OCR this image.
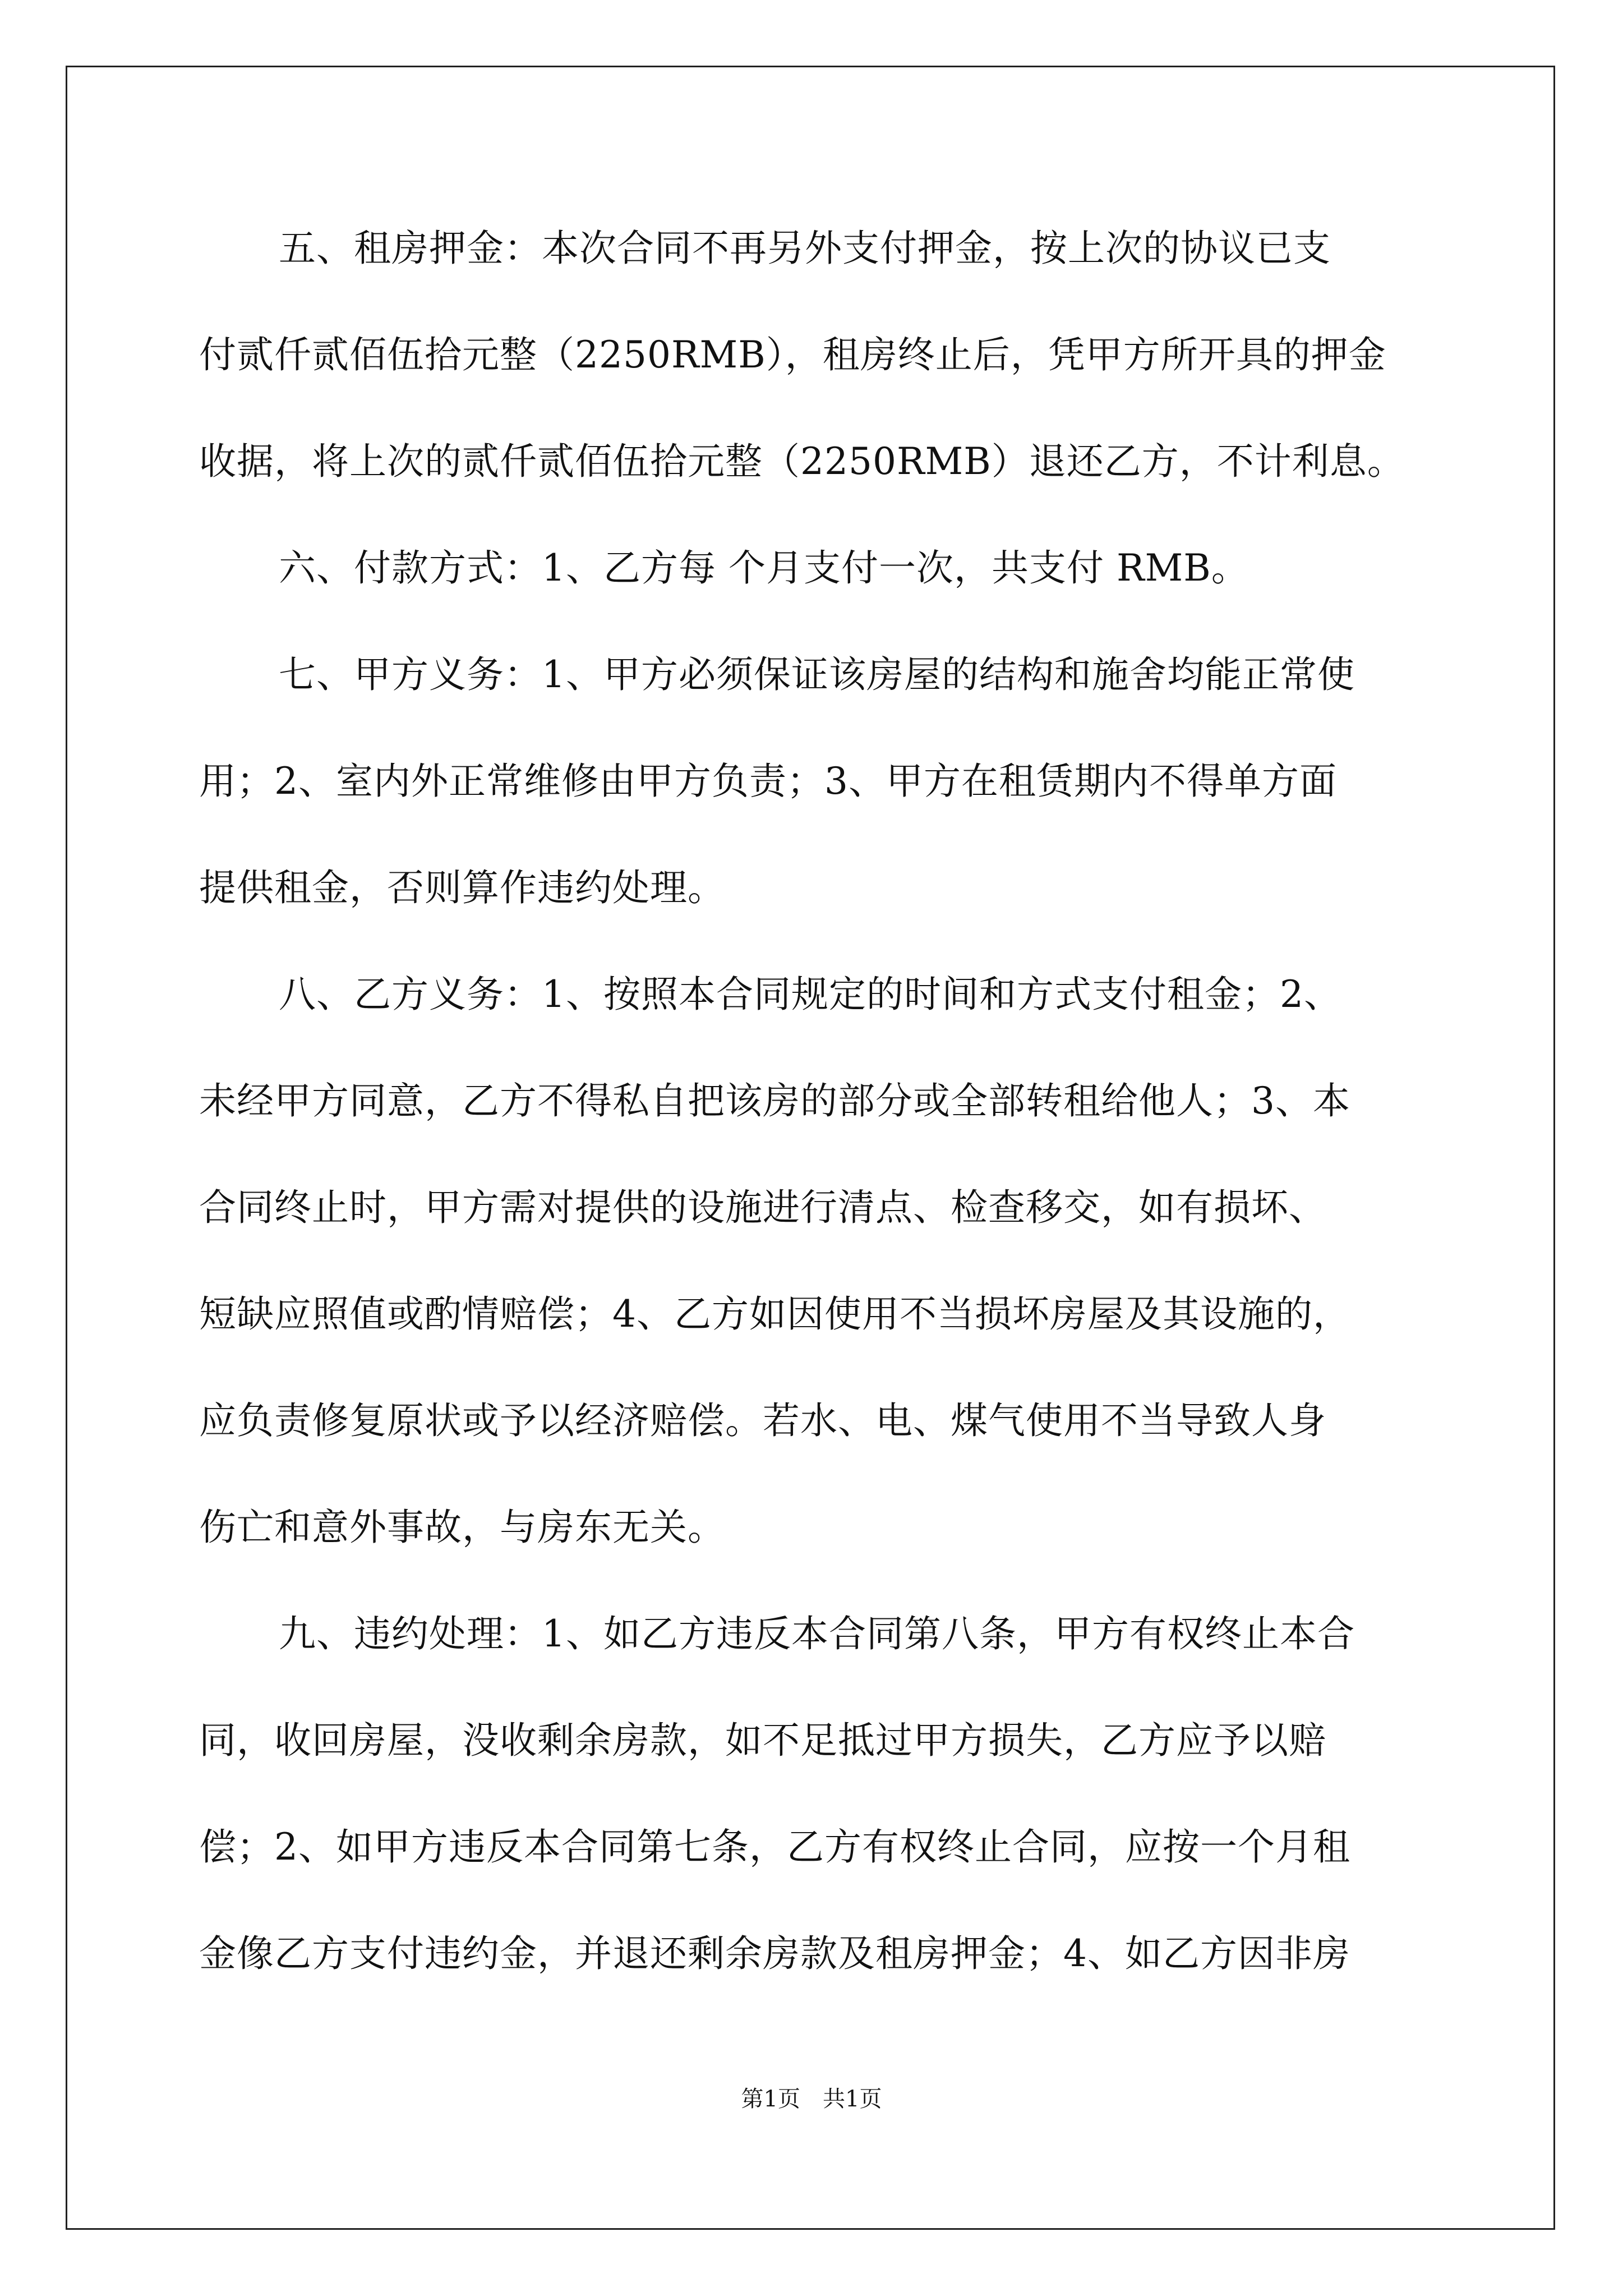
五、租房押金：本次合同不再另外支付押金，按上次的协议已支
付贰仟贰佰伍拾元整（2250RMB），租房终止后，凭甲方所开具的押金
收据，将上次的贰仟贰佰伍拾元整（2250RMB）退还乙方，不计利息。
六、付款方式：1、乙方每 个月支付一次，共支付 RMB。
七、甲方义务：1、甲方必须保证该房屋的结构和施舍均能正常使
用；2、室内外正常维修由甲方负责；3、甲方在租赁期内不得单方面
提供租金，否则算作违约处理。
八、乙方义务：1、按照本合同规定的时间和方式支付租金；2、
未经甲方同意，乙方不得私自把该房的部分或全部转租给他人；3、本
合同终止时，甲方需对提供的设施进行清点、检查移交，如有损坏、
短缺应照值或酌情赔偿；4、乙方如因使用不当损坏房屋及其设施的，
应负责修复原状或予以经济赔偿。若水、电、煤气使用不当导致人身
伤亡和意外事故，与房东无关。
九、违约处理：1、如乙方违反本合同第八条，甲方有权终止本合
同，收回房屋，没收剩余房款，如不足抵过甲方损失，乙方应予以赔
偿；2、如甲方违反本合同第七条，乙方有权终止合同，应按一个月租
金像乙方支付违约金，并退还剩余房款及租房押金；4、如乙方因非房
第1页 共1页
